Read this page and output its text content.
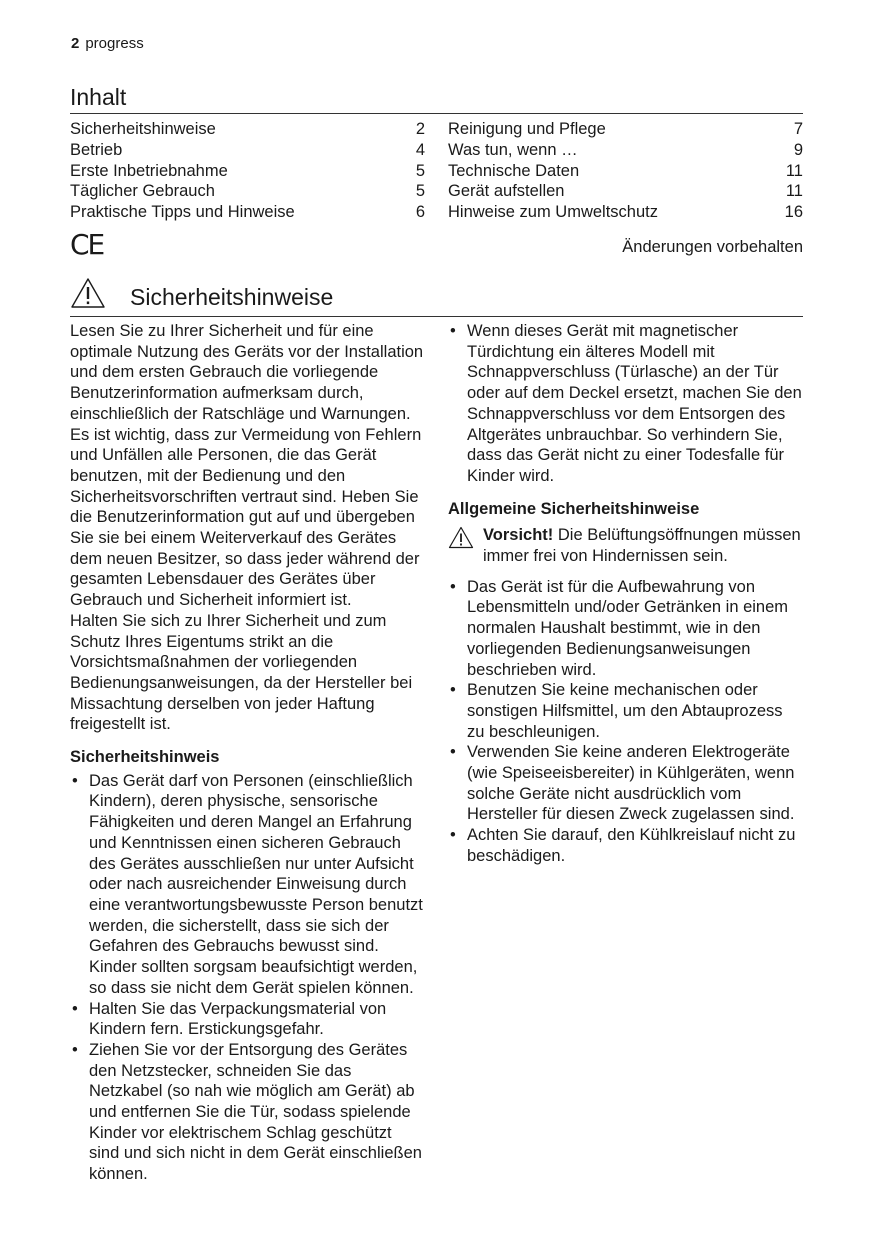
2 progress
Inhalt
Sicherheitshinweise	2
Betrieb	4
Erste Inbetriebnahme	5
Täglicher Gebrauch	5
Praktische Tipps und Hinweise	6
Reinigung und Pflege	7
Was tun, wenn …	9
Technische Daten	11
Gerät aufstellen	11
Hinweise zum Umweltschutz	16
CE	Änderungen vorbehalten
Sicherheitshinweise

Lesen Sie zu Ihrer Sicherheit und für eine optimale Nutzung des Geräts vor der Installation und dem ersten Gebrauch die vorliegende Benutzerinformation aufmerksam durch, einschließlich der Ratschläge und Warnungen. Es ist wichtig, dass zur Vermeidung von Fehlern und Unfällen alle Personen, die das Gerät benutzen, mit der Bedienung und den Sicherheitsvorschriften vertraut sind. Heben Sie die Benutzerinformation gut auf und übergeben Sie sie bei einem Weiterverkauf des Gerätes dem neuen Besitzer, so dass jeder während der gesamten Lebensdauer des Gerätes über Gebrauch und Sicherheit informiert ist.

Halten Sie sich zu Ihrer Sicherheit und zum Schutz Ihres Eigentums strikt an die Vorsichtsmaßnahmen der vorliegenden Bedienungsanweisungen, da der Hersteller bei Missachtung derselben von jeder Haftung freigestellt ist.

Sicherheitshinweis
• Das Gerät darf von Personen (einschließlich Kindern), deren physische, sensorische Fähigkeiten und deren Mangel an Erfahrung und Kenntnissen einen sicheren Gebrauch des Gerätes ausschließen nur unter Aufsicht oder nach ausreichender Einweisung durch eine verantwortungsbewusste Person benutzt werden, die sicherstellt, dass sie sich der Gefahren des Gebrauchs bewusst sind.
Kinder sollten sorgsam beaufsichtigt werden, so dass sie nicht dem Gerät spielen können.
• Halten Sie das Verpackungsmaterial von Kindern fern. Erstickungsgefahr.
• Ziehen Sie vor der Entsorgung des Gerätes den Netzstecker, schneiden Sie das Netzkabel (so nah wie möglich am Gerät) ab und entfernen Sie die Tür, sodass spielende Kinder vor elektrischem Schlag geschützt sind und sich nicht in dem Gerät einschließen können.
• Wenn dieses Gerät mit magnetischer Türdichtung ein älteres Modell mit Schnappverschluss (Türlasche) an der Tür oder auf dem Deckel ersetzt, machen Sie den Schnappverschluss vor dem Entsorgen des Altgerätes unbrauchbar. So verhindern Sie, dass das Gerät nicht zu einer Todesfalle für Kinder wird.
Allgemeine Sicherheitshinweise
Vorsicht! Die Belüftungsöffnungen müssen immer frei von Hindernissen sein.
• Das Gerät ist für die Aufbewahrung von Lebensmitteln und/oder Getränken in einem normalen Haushalt bestimmt, wie in den vorliegenden Bedienungsanweisungen beschrieben wird.
• Benutzen Sie keine mechanischen oder sonstigen Hilfsmittel, um den Abtauprozess zu beschleunigen.
• Verwenden Sie keine anderen Elektrogeräte (wie Speiseeisbereiter) in Kühlgeräten, wenn solche Geräte nicht ausdrücklich vom Hersteller für diesen Zweck zugelassen sind.
• Achten Sie darauf, den Kühlkreislauf nicht zu beschädigen.
